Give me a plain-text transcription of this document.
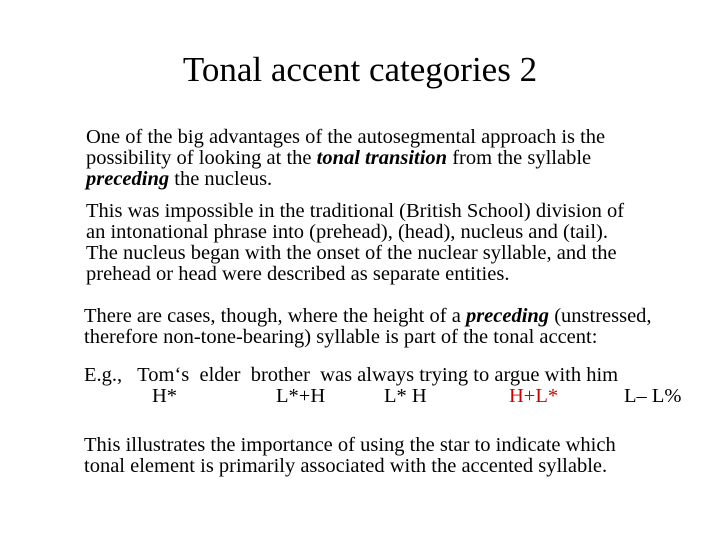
Tonal accent categories 2
One of the big advantages of the autosegmental approach is the
possibility of looking at the tonal transition from the syllable
preceding the nucleus.
This was impossible in the traditional (British School) division of
an intonational phrase into (prehead), (head), nucleus and (tail).
The nucleus began with the onset of the nuclear syllable, and the
prehead or head were described as separate entities.
There are cases, though, where the height of a preceding (unstressed,
therefore non-tone-bearing) syllable is part of the tonal accent:
E.g.,   Tom‘s  elder  brother  was always trying to argue with him
H*	L*+H	L* H	H+L*	L– L%
This illustrates the importance of using the star to indicate which
tonal element is primarily associated with the accented syllable.
